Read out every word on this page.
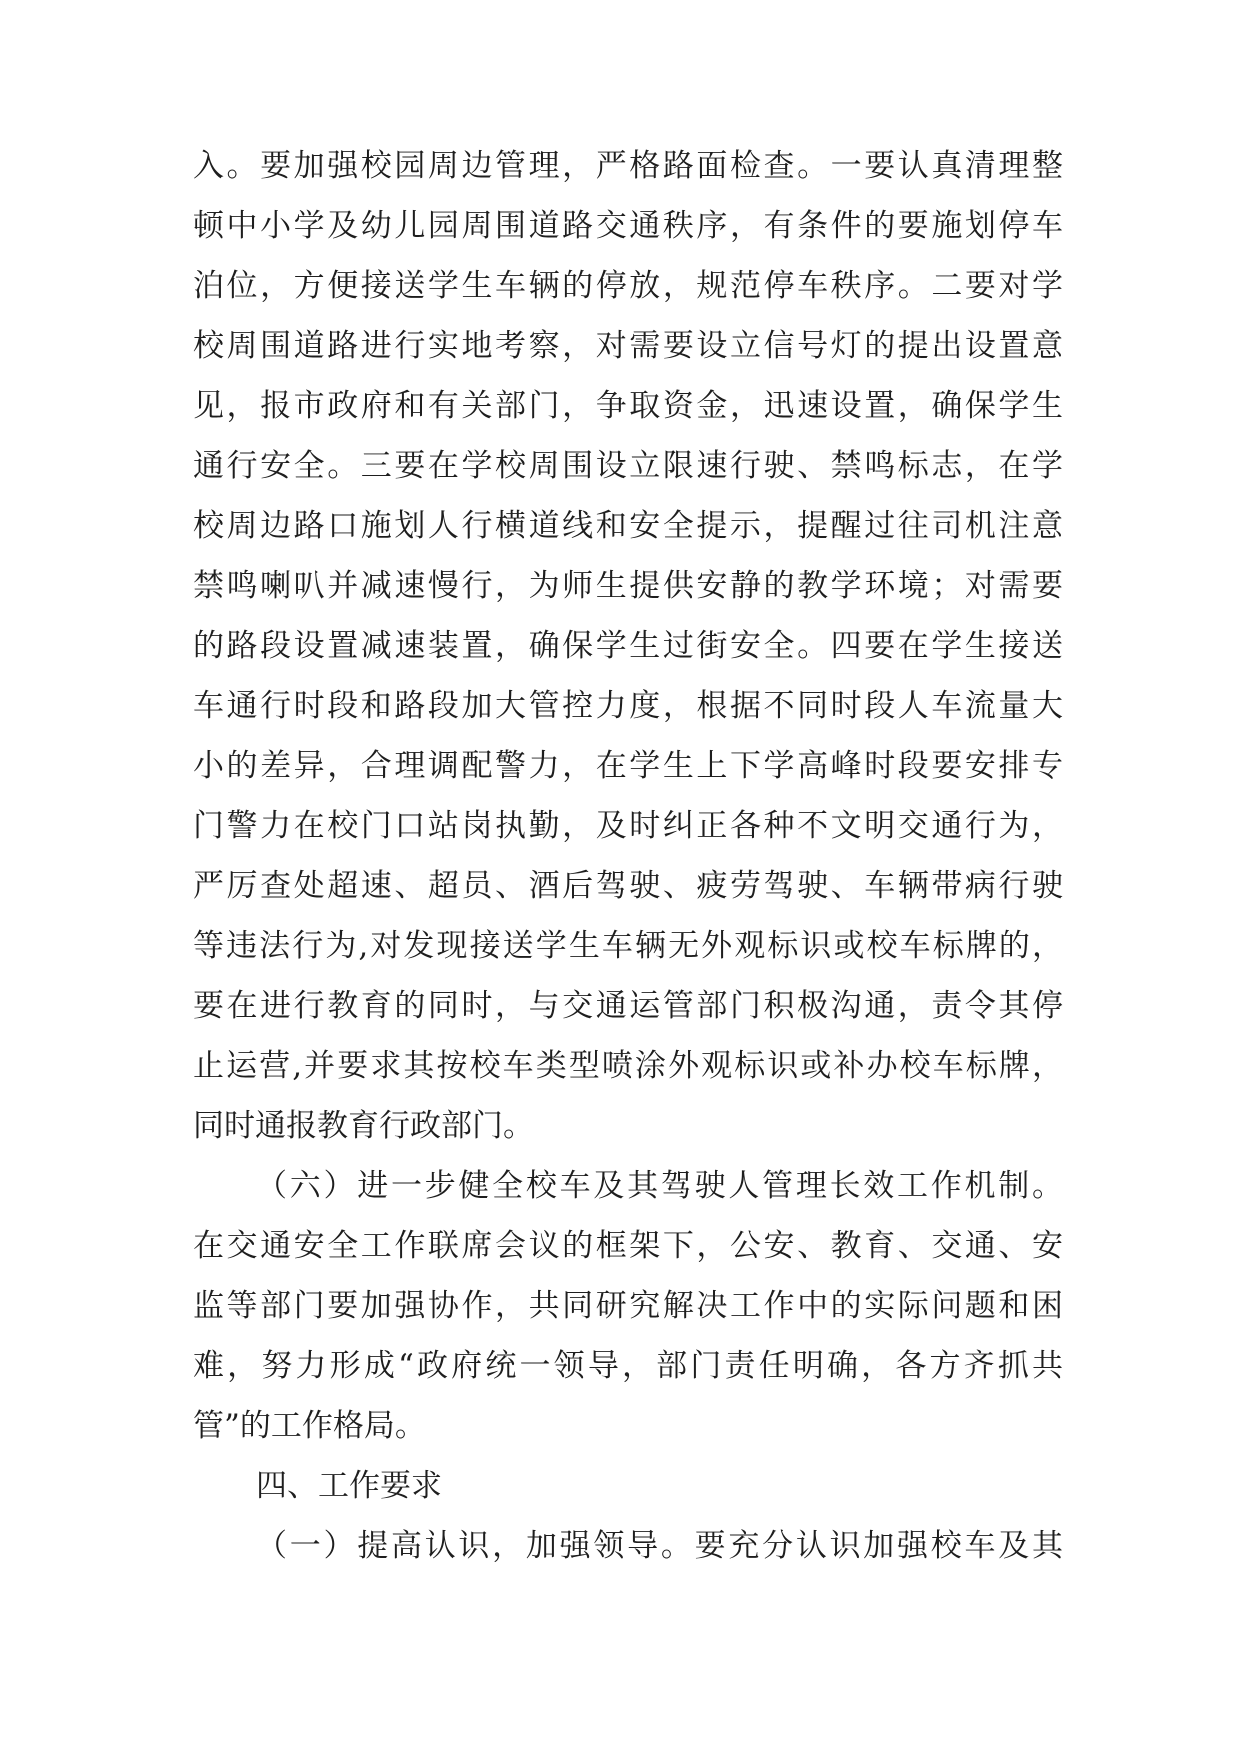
入。要加强校园周边管理，严格路面检查。一要认真清理整
顿中小学及幼儿园周围道路交通秩序，有条件的要施划停车
泊位，方便接送学生车辆的停放，规范停车秩序。二要对学
校周围道路进行实地考察，对需要设立信号灯的提出设置意
见，报市政府和有关部门，争取资金，迅速设置，确保学生
通行安全。三要在学校周围设立限速行驶、禁鸣标志，在学
校周边路口施划人行横道线和安全提示，提醒过往司机注意
禁鸣喇叭并减速慢行，为师生提供安静的教学环境；对需要
的路段设置减速装置，确保学生过街安全。四要在学生接送
车通行时段和路段加大管控力度，根据不同时段人车流量大
小的差异，合理调配警力，在学生上下学高峰时段要安排专
门警力在校门口站岗执勤，及时纠正各种不文明交通行为，
严厉查处超速、超员、酒后驾驶、疲劳驾驶、车辆带病行驶
等违法行为,对发现接送学生车辆无外观标识或校车标牌的，
要在进行教育的同时，与交通运管部门积极沟通，责令其停
止运营,并要求其按校车类型喷涂外观标识或补办校车标牌，
同时通报教育行政部门。
（六）进一步健全校车及其驾驶人管理长效工作机制。
在交通安全工作联席会议的框架下，公安、教育、交通、安
监等部门要加强协作，共同研究解决工作中的实际问题和困
难，努力形成“政府统一领导，部门责任明确，各方齐抓共
管”的工作格局。
四、工作要求
（一）提高认识，加强领导。要充分认识加强校车及其
